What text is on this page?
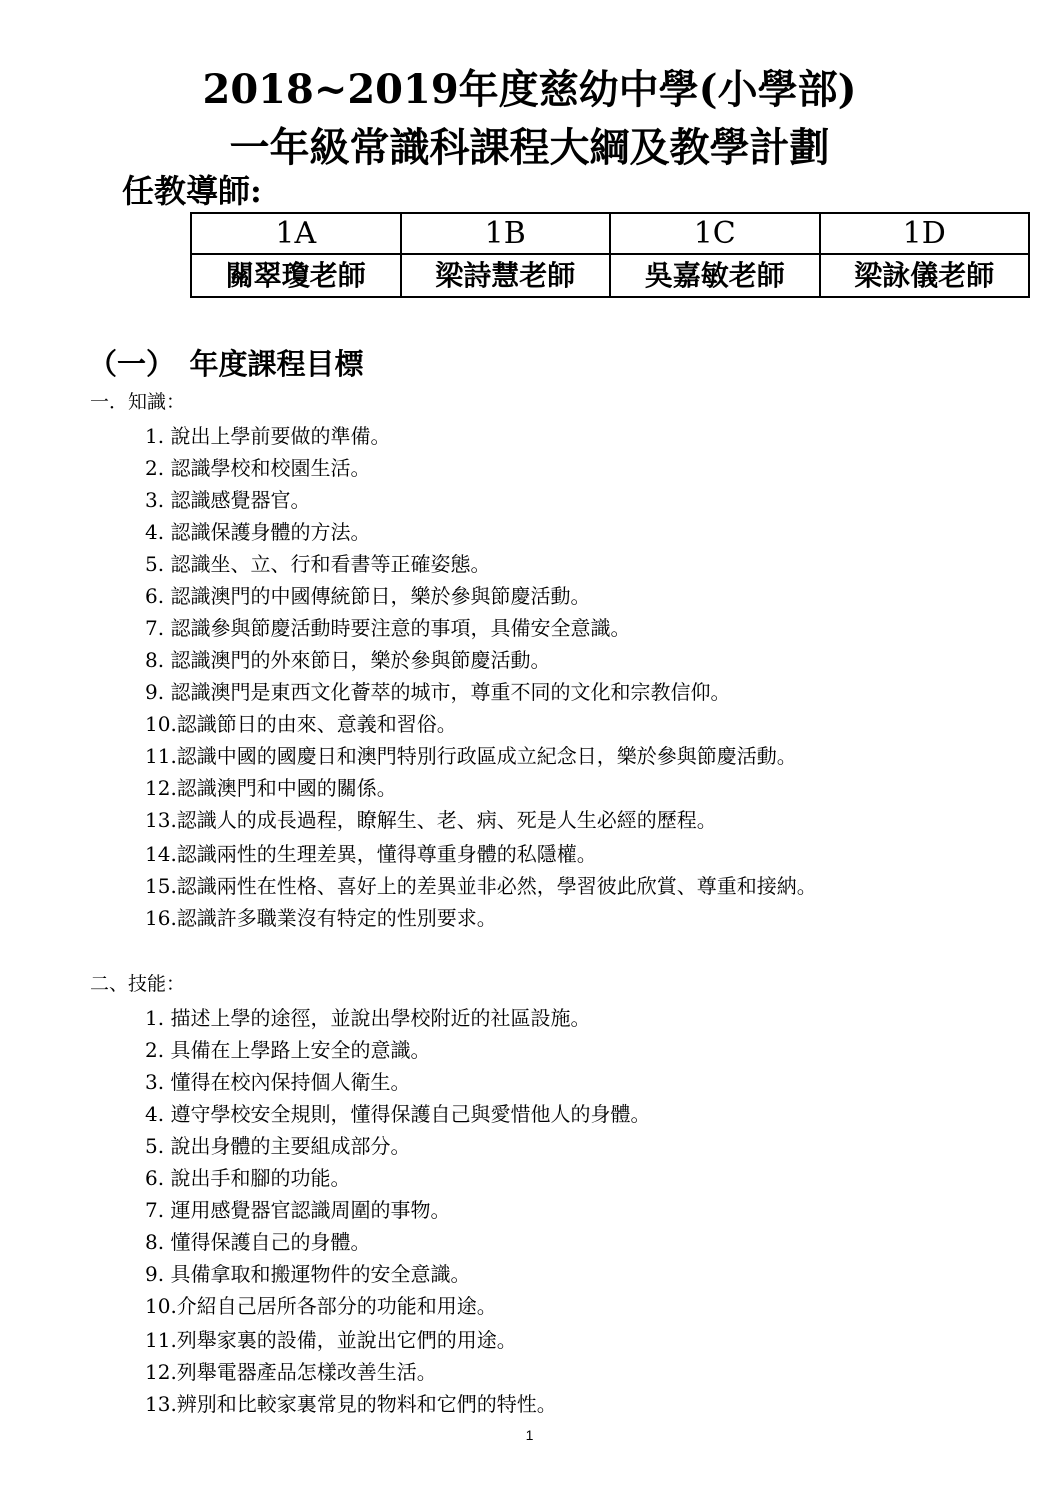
2018~2019年度慈幼中學(小學部)
一年級常識科課程大綱及教學計劃
任教導師:
1A	1B	1C	1D
關翠瓊老師	梁詩慧老師	吳嘉敏老師	梁詠儀老師
（一）　年度課程目標
一．知識：
1. 說出上學前要做的準備。
2. 認識學校和校園生活。
3. 認識感覺器官。
4. 認識保護身體的方法。
5. 認識坐、立、行和看書等正確姿態。
6. 認識澳門的中國傳統節日，樂於參與節慶活動。
7. 認識參與節慶活動時要注意的事項，具備安全意識。
8. 認識澳門的外來節日，樂於參與節慶活動。
9. 認識澳門是東西文化薈萃的城市，尊重不同的文化和宗教信仰。
10.認識節日的由來、意義和習俗。
11.認識中國的國慶日和澳門特別行政區成立紀念日，樂於參與節慶活動。
12.認識澳門和中國的關係。
13.認識人的成長過程，瞭解生、老、病、死是人生必經的歷程。
14.認識兩性的生理差異，懂得尊重身體的私隱權。
15.認識兩性在性格、喜好上的差異並非必然，學習彼此欣賞、尊重和接納。
16.認識許多職業沒有特定的性別要求。
二、技能：
1. 描述上學的途徑，並說出學校附近的社區設施。
2. 具備在上學路上安全的意識。
3. 懂得在校內保持個人衛生。
4. 遵守學校安全規則，懂得保護自己與愛惜他人的身體。
5. 說出身體的主要組成部分。
6. 說出手和腳的功能。
7. 運用感覺器官認識周圍的事物。
8. 懂得保護自己的身體。
9. 具備拿取和搬運物件的安全意識。
10.介紹自己居所各部分的功能和用途。
11.列舉家裏的設備，並說出它們的用途。
12.列舉電器產品怎樣改善生活。
13.辨別和比較家裏常見的物料和它們的特性。
1
